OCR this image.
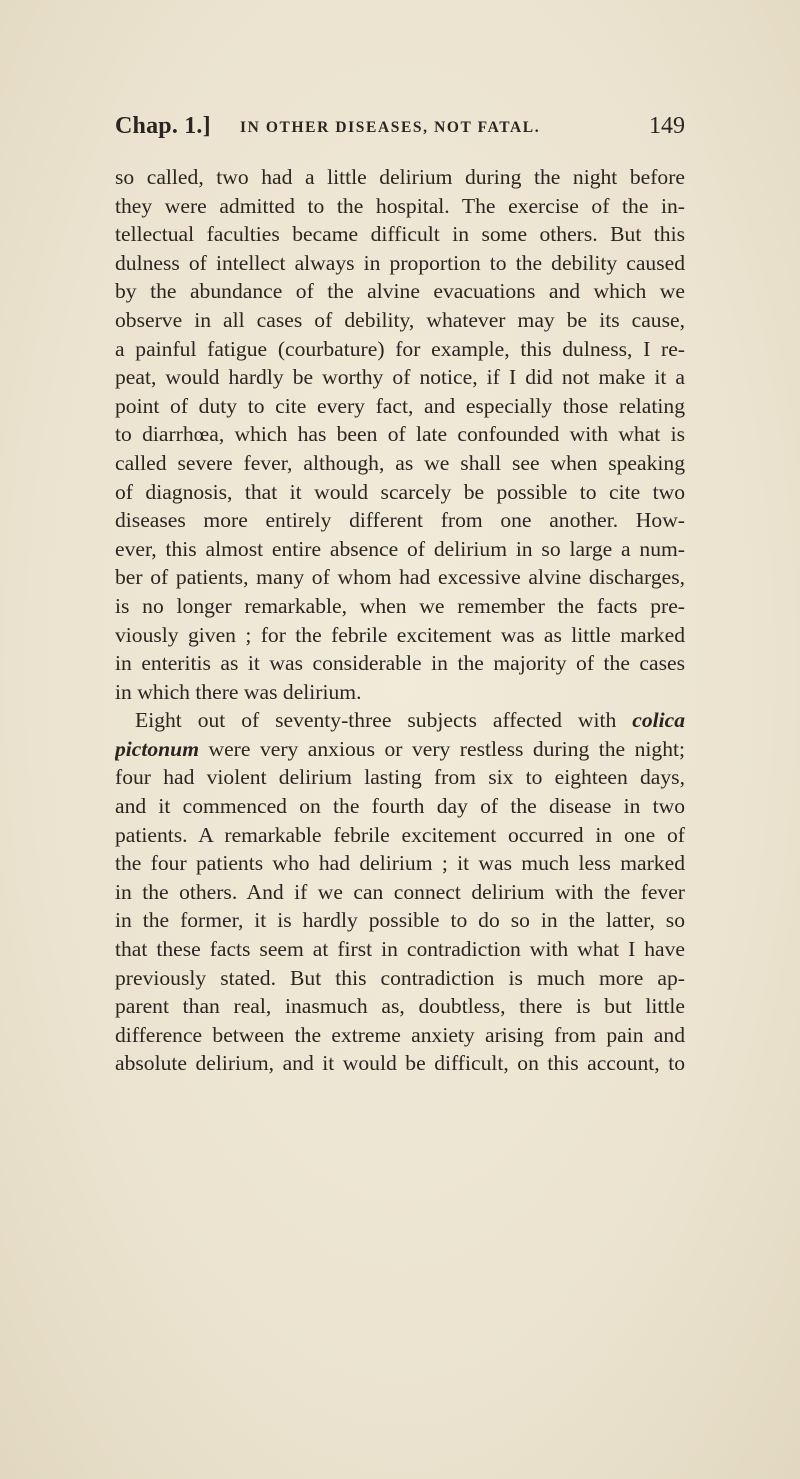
Chap. 1.] IN OTHER DISEASES, NOT FATAL.	149
so called, two had a little delirium during the night before
they were admitted to the hospital. The exercise of the in-
tellectual faculties became difficult in some others. But this
dulness of intellect always in proportion to the debility caused
by the abundance of the alvine evacuations and which we
observe in all cases of debility, whatever may be its cause,
a painful fatigue (courbature) for example, this dulness, I re-
peat, would hardly be worthy of notice, if I did not make it a
point of duty to cite every fact, and especially those relating
to diarrhœa, which has been of late confounded with what is
called severe fever, although, as we shall see when speaking
of diagnosis, that it would scarcely be possible to cite two
diseases more entirely different from one another. How-
ever, this almost entire absence of delirium in so large a num-
ber of patients, many of whom had excessive alvine discharges,
is no longer remarkable, when we remember the facts pre-
viously given ; for the febrile excitement was as little marked
in enteritis as it was considerable in the majority of the cases
in which there was delirium.
Eight out of seventy-three subjects affected with colica
pictonum were very anxious or very restless during the night;
four had violent delirium lasting from six to eighteen days,
and it commenced on the fourth day of the disease in two
patients. A remarkable febrile excitement occurred in one of
the four patients who had delirium ; it was much less marked
in the others. And if we can connect delirium with the fever
in the former, it is hardly possible to do so in the latter, so
that these facts seem at first in contradiction with what I have
previously stated. But this contradiction is much more ap-
parent than real, inasmuch as, doubtless, there is but little
difference between the extreme anxiety arising from pain and
absolute delirium, and it would be difficult, on this account, to
